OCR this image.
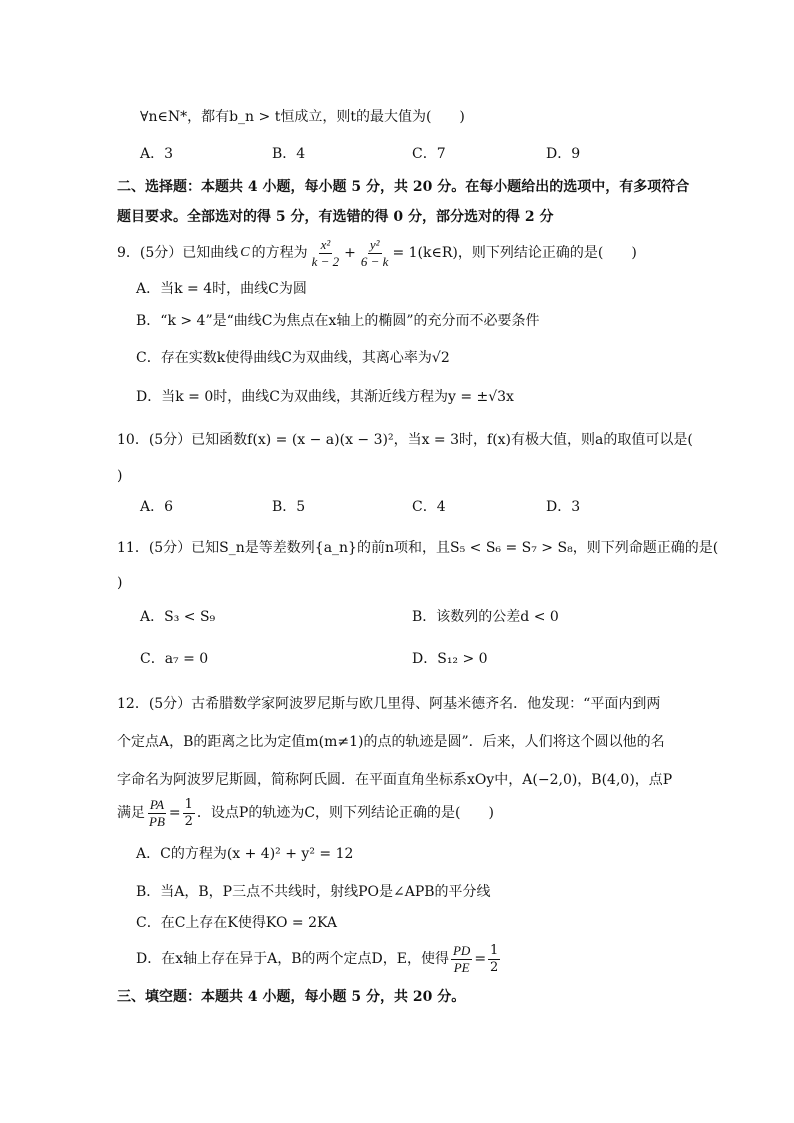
∀n∈N*，都有b_n > t恒成立，则t的最大值为(　　)
A．3	B．4	C．7	D．9
二、选择题：本题共 4 小题，每小题 5 分，共 20 分。在每小题给出的选项中，有多项符合
题目要求。全部选对的得 5 分，有选错的得 0 分，部分选对的得 2 分
9．(5分）已知曲线 C 的方程为 $\frac{\text{x²}}{k - 2} + \frac{\text{y²}}{6 - k}$ = 1(k∈R) ，则下列结论正确的是(　　)
A．当k = 4时，曲线C为圆
B．“k > 4”是“曲线C为焦点在x轴上的椭圆”的充分而不必要条件
C．存在实数k使得曲线C为双曲线，其离心率为√2
D．当k = 0时，曲线C为双曲线，其渐近线方程为y = ±√3x
10．(5分）已知函数f(x) = (x − a)(x − 3)²，当x = 3时，f(x)有极大值，则a的取值可以是(
)
A．6	B．5	C．4	D．3
11．(5分）已知S_n是等差数列{a_n}的前n项和，且S₅ < S₆ = S₇ > S₈，则下列命题正确的是(
)
A．S₃ < S₉	B．该数列的公差d < 0
C．a₇ = 0	D．S₁₂ > 0
12．(5分）古希腊数学家阿波罗尼斯与欧几里得、阿基米德齐名．他发现：“平面内到两
个定点A，B的距离之比为定值m(m≠1)的点的轨迹是圆”．后来，人们将这个圆以他的名
字命名为阿波罗尼斯圆，简称阿氏圆．在平面直角坐标系xOy中，A(−2,0)，B(4,0)，点P
满足 $\frac{PA}{PB} = \frac{1}{2}$ ．设点P的轨迹为C，则下列结论正确的是(　　)
A．C的方程为(x + 4)² + y² = 12
B．当A，B，P三点不共线时，射线PO是∠APB的平分线
C．在C上存在K使得KO = 2KA
D．在x轴上存在异于A，B的两个定点D，E，使得 $\frac{PD}{PE} = \frac{1}{2}$
三、填空题：本题共 4 小题，每小题 5 分，共 20 分。
